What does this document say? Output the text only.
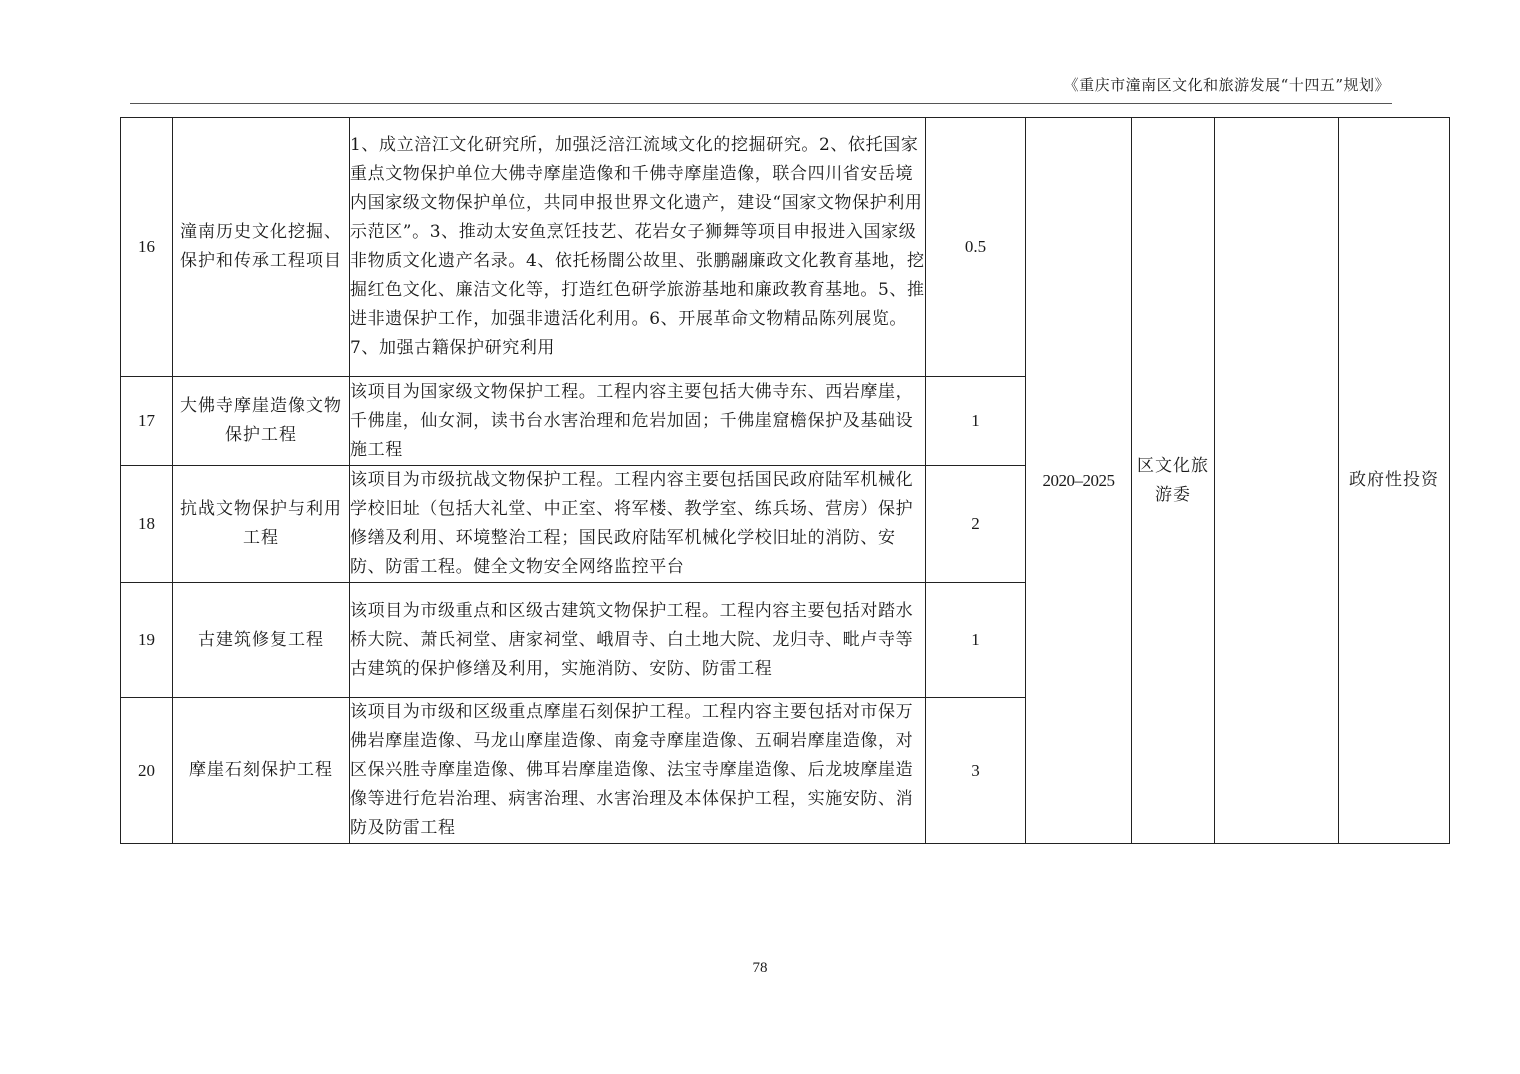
《重庆市潼南区文化和旅游发展“十四五”规划》
16	潼南历史文化挖掘、保护和传承工程项目	1、成立涪江文化研究所，加强泛涪江流域文化的挖掘研究。2、依托国家重点文物保护单位大佛寺摩崖造像和千佛寺摩崖造像，联合四川省安岳境内国家级文物保护单位，共同申报世界文化遗产，建设“国家文物保护利用示范区”。3、推动太安鱼烹饪技艺、花岩女子狮舞等项目申报进入国家级非物质文化遗产名录。4、依托杨闇公故里、张鹏翮廉政文化教育基地，挖掘红色文化、廉洁文化等，打造红色研学旅游基地和廉政教育基地。5、推进非遗保护工作，加强非遗活化利用。6、开展革命文物精品陈列展览。7、加强古籍保护研究利用	0.5	2020–2025	区文化旅游委		政府性投资
17	大佛寺摩崖造像文物保护工程	该项目为国家级文物保护工程。工程内容主要包括大佛寺东、西岩摩崖，千佛崖，仙女洞，读书台水害治理和危岩加固；千佛崖窟檐保护及基础设施工程	1				
18	抗战文物保护与利用工程	该项目为市级抗战文物保护工程。工程内容主要包括国民政府陆军机械化学校旧址（包括大礼堂、中正室、将军楼、教学室、练兵场、营房）保护修缮及利用、环境整治工程；国民政府陆军机械化学校旧址的消防、安防、防雷工程。健全文物安全网络监控平台	2				
19	古建筑修复工程	该项目为市级重点和区级古建筑文物保护工程。工程内容主要包括对踏水桥大院、萧氏祠堂、唐家祠堂、峨眉寺、白土地大院、龙归寺、毗卢寺等古建筑的保护修缮及利用，实施消防、安防、防雷工程	1				
20	摩崖石刻保护工程	该项目为市级和区级重点摩崖石刻保护工程。工程内容主要包括对市保万佛岩摩崖造像、马龙山摩崖造像、南龛寺摩崖造像、五硐岩摩崖造像，对区保兴胜寺摩崖造像、佛耳岩摩崖造像、法宝寺摩崖造像、后龙坡摩崖造像等进行危岩治理、病害治理、水害治理及本体保护工程，实施安防、消防及防雷工程	3				
78
